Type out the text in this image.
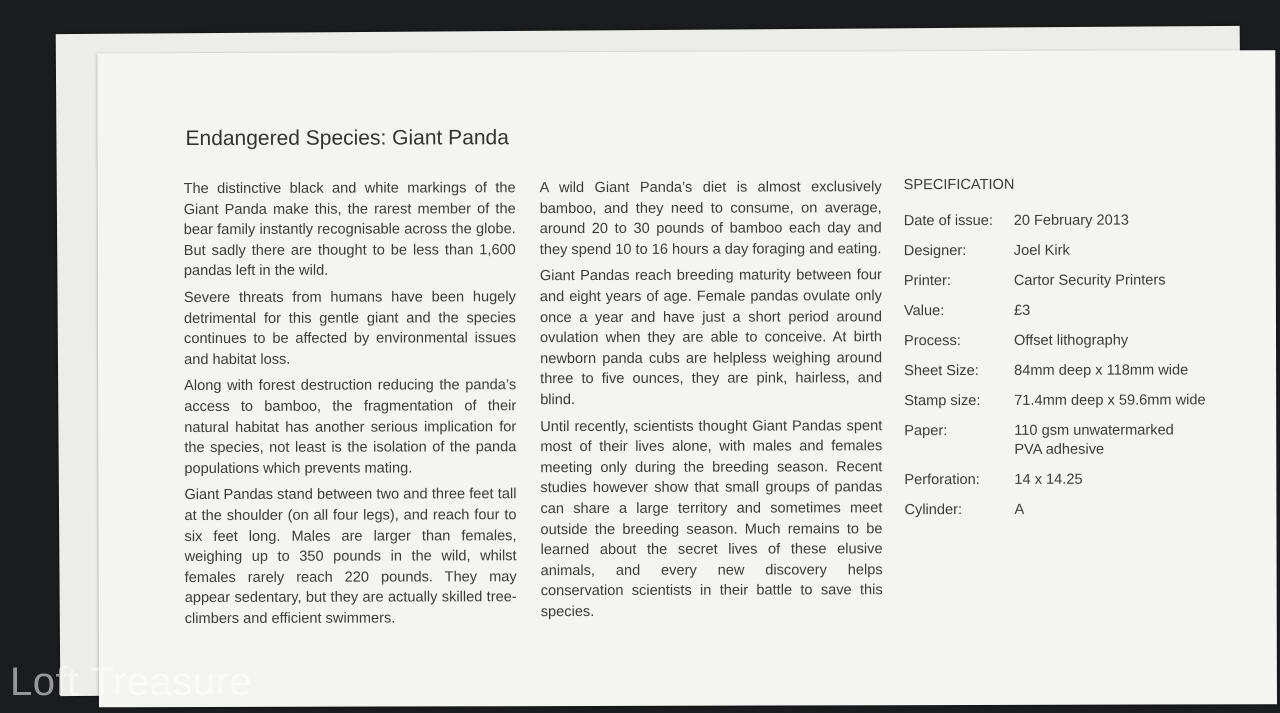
Endangered Species: Giant Panda

The distinctive black and white markings of the Giant Panda make this, the rarest member of the bear family instantly recognisable across the globe. But sadly there are thought to be less than 1,600 pandas left in the wild.

Severe threats from humans have been hugely detrimental for this gentle giant and the species continues to be affected by environmental issues and habitat loss.

Along with forest destruction reducing the panda’s access to bamboo, the fragmentation of their natural habitat has another serious implication for the species, not least is the isolation of the panda populations which prevents mating.

Giant Pandas stand between two and three feet tall at the shoulder (on all four legs), and reach four to six feet long. Males are larger than females, weighing up to 350 pounds in the wild, whilst females rarely reach 220 pounds. They may appear sedentary, but they are actually skilled tree-climbers and efficient swimmers.

A wild Giant Panda’s diet is almost exclusively bamboo, and they need to consume, on average, around 20 to 30 pounds of bamboo each day and they spend 10 to 16 hours a day foraging and eating.

Giant Pandas reach breeding maturity between four and eight years of age. Female pandas ovulate only once a year and have just a short period around ovulation when they are able to conceive. At birth newborn panda cubs are helpless weighing around three to five ounces, they are pink, hairless, and blind.

Until recently, scientists thought Giant Pandas spent most of their lives alone, with males and females meeting only during the breeding season. Recent studies however show that small groups of pandas can share a large territory and sometimes meet outside the breeding season. Much remains to be learned about the secret lives of these elusive animals, and every new discovery helps conservation scientists in their battle to save this species.

SPECIFICATION
Date of issue:	20 February 2013
Designer:	Joel Kirk
Printer:	Cartor Security Printers
Value:	£3
Process:	Offset lithography
Sheet Size:	84mm deep x 118mm wide
Stamp size:	71.4mm deep x 59.6mm wide
Paper:	110 gsm unwatermarked
PVA adhesive
Perforation:	14 x 14.25
Cylinder:	A
Loft Treasure
